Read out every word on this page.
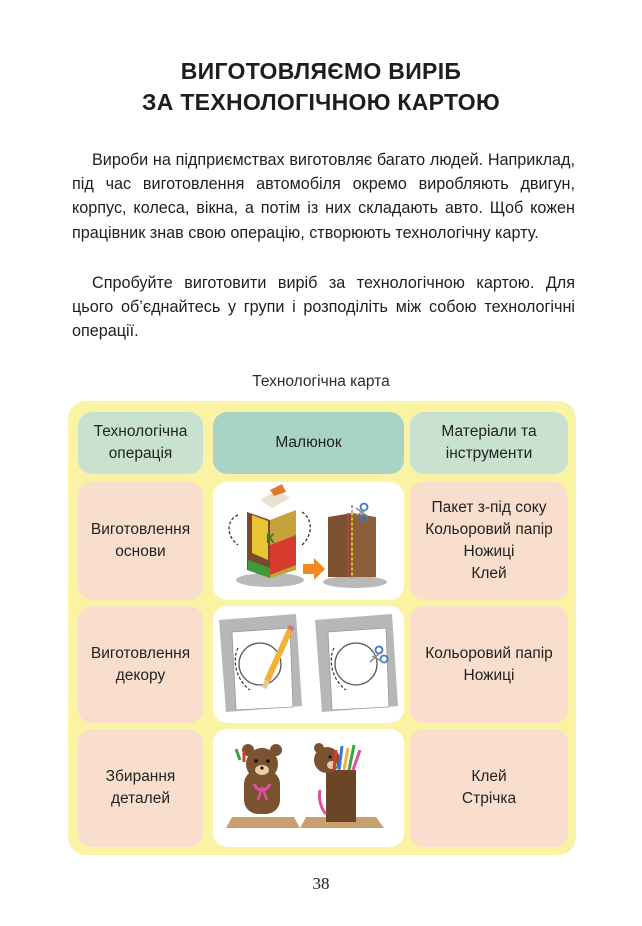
ВИГОТОВЛЯЄМО ВИРІБ
ЗА ТЕХНОЛОГІЧНОЮ КАРТОЮ

Вироби на підприємствах виготовляє багато людей. Наприклад, під час виготовлення автомобіля окремо виробляють двигун, корпус, колеса, вікна, а потім із них складають авто. Щоб кожен працівник знав свою операцію, створюють технологічну карту.

Спробуйте виготовити виріб за технологічною картою. Для цього об’єднайтесь у групи і розподіліть між собою технологічні операції.

Технологічна карта
Технологічна
операція
Малюнок
Матеріали та
інструменти
Виготовлення
основи
Пакет з-під соку
Кольоровий папір
Ножиці
Клей
Виготовлення
декору
Кольоровий папір
Ножиці
Збирання
деталей
Клей
Стрічка
К
38
